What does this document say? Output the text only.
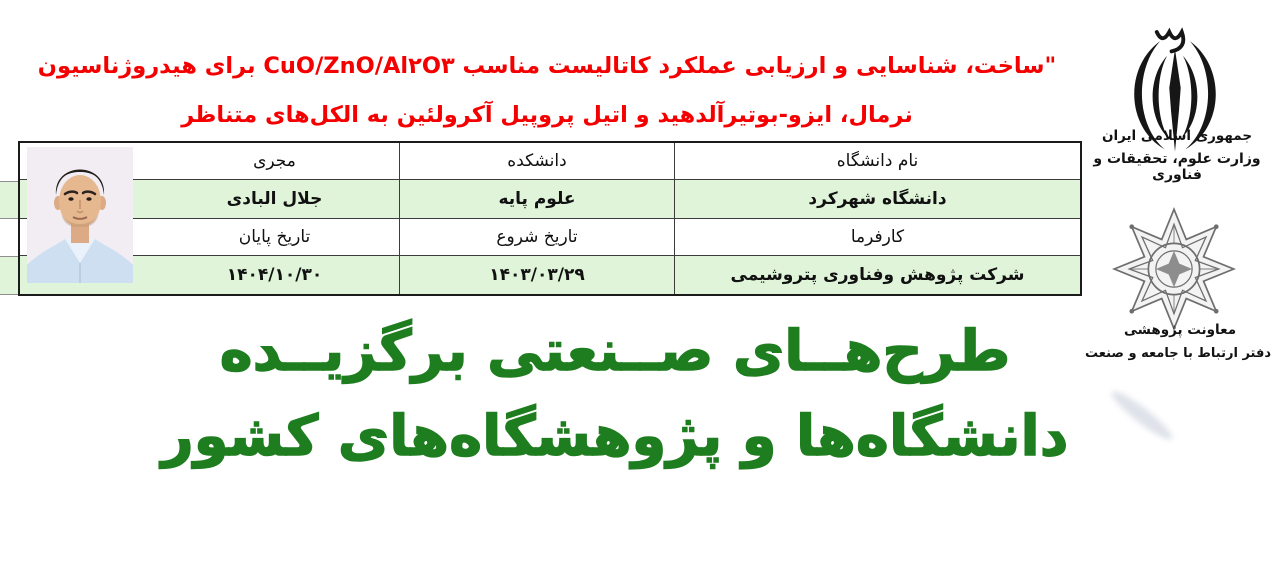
"ساخت، شناسایی و ارزیابی عملکرد کاتالیست مناسب CuO/ZnO/Al۲O۳ برای هیدروژناسیون
نرمال، ایزو-بوتیرآلدهید و اتیل پروپیل آکرولئین به الکل‌های متناظر
نام دانشگاه
دانشکده
مجری
دانشگاه شهرکرد
علوم پایه
جلال البادی
کارفرما
تاریخ شروع
تاریخ پایان
شرکت پژوهش وفناوری پتروشیمی
۱۴۰۳/۰۳/۲۹
۱۴۰۴/۱۰/۳۰
طرح‌هــای صــنعتی برگزیــده
دانشگاه‌ها و پژوهشگاه‌های کشور
جمهوری اسلامی ایران
وزارت علوم، تحقیقات و فناوری
معاونت پژوهشی
دفتر ارتباط با جامعه و صنعت
